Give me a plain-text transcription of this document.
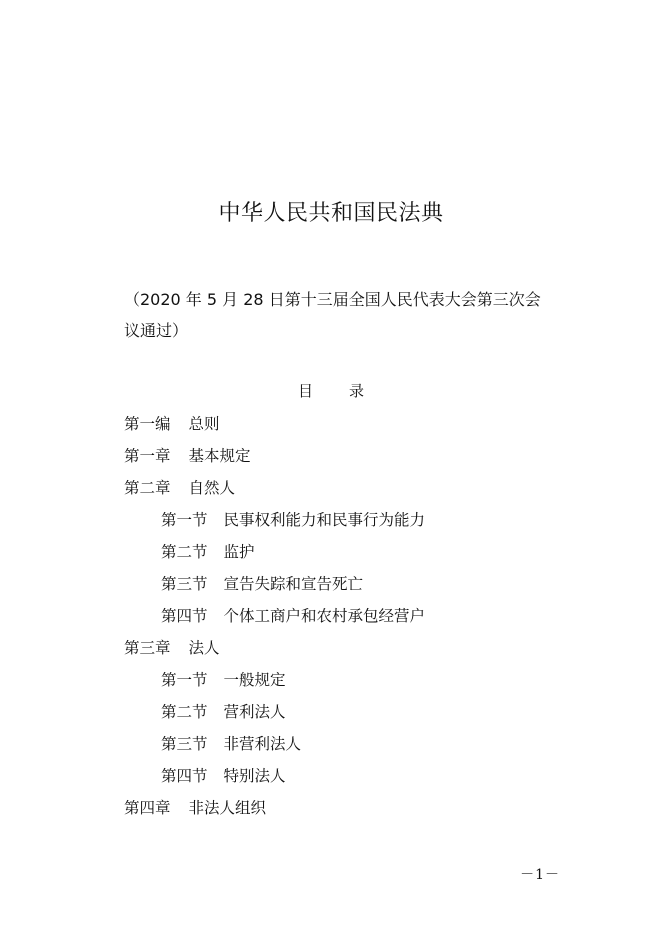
中华人民共和国民法典
（2020 年 5 月 28 日第十三届全国人民代表大会第三次会议通过）
目录
第一编 总则
第一章 基本规定
第二章 自然人
第一节 民事权利能力和民事行为能力
第二节 监护
第三节 宣告失踪和宣告死亡
第四节 个体工商户和农村承包经营户
第三章 法人
第一节 一般规定
第二节 营利法人
第三节 非营利法人
第四节 特别法人
第四章 非法人组织
－1－
